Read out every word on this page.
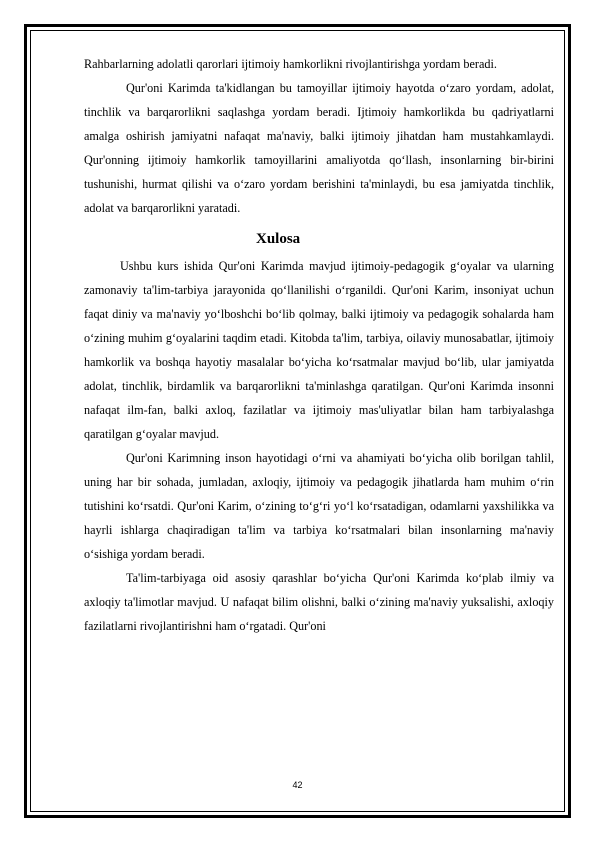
Rahbarlarning adolatli qarorlari ijtimoiy hamkorlikni rivojlantirishga yordam beradi.

Qur'oni Karimda ta'kidlangan bu tamoyillar ijtimoiy hayotda o‘zaro yordam, adolat, tinchlik va barqarorlikni saqlashga yordam beradi. Ijtimoiy hamkorlikda bu qadriyatlarni amalga oshirish jamiyatni nafaqat ma'naviy, balki ijtimoiy jihatdan ham mustahkamlaydi. Qur'onning ijtimoiy hamkorlik tamoyillarini amaliyotda qo‘llash, insonlarning bir-birini tushunishi, hurmat qilishi va o‘zaro yordam berishini ta'minlaydi, bu esa jamiyatda tinchlik, adolat va barqarorlikni yaratadi.

Xulosa

Ushbu kurs ishida Qur'oni Karimda mavjud ijtimoiy-pedagogik g‘oyalar va ularning zamonaviy ta'lim-tarbiya jarayonida qo‘llanilishi o‘rganildi. Qur'oni Karim, insoniyat uchun faqat diniy va ma'naviy yo‘lboshchi bo‘lib qolmay, balki ijtimoiy va pedagogik sohalarda ham o‘zining muhim g‘oyalarini taqdim etadi. Kitobda ta'lim, tarbiya, oilaviy munosabatlar, ijtimoiy hamkorlik va boshqa hayotiy masalalar bo‘yicha ko‘rsatmalar mavjud bo‘lib, ular jamiyatda adolat, tinchlik, birdamlik va barqarorlikni ta'minlashga qaratilgan. Qur'oni Karimda insonni nafaqat ilm-fan, balki axloq, fazilatlar va ijtimoiy mas'uliyatlar bilan ham tarbiyalashga qaratilgan g‘oyalar mavjud.

Qur'oni Karimning inson hayotidagi o‘rni va ahamiyati bo‘yicha olib borilgan tahlil, uning har bir sohada, jumladan, axloqiy, ijtimoiy va pedagogik jihatlarda ham muhim o‘rin tutishini ko‘rsatdi. Qur'oni Karim, o‘zining to‘g‘ri yo‘l ko‘rsatadigan, odamlarni yaxshilikka va hayrli ishlarga chaqiradigan ta'lim va tarbiya ko‘rsatmalari bilan insonlarning ma'naviy o‘sishiga yordam beradi.

Ta'lim-tarbiyaga oid asosiy qarashlar bo‘yicha Qur'oni Karimda ko‘plab ilmiy va axloqiy ta'limotlar mavjud. U nafaqat bilim olishni, balki o‘zining ma'naviy yuksalishi, axloqiy fazilatlarni rivojlantirishni ham o‘rgatadi. Qur'oni

42
